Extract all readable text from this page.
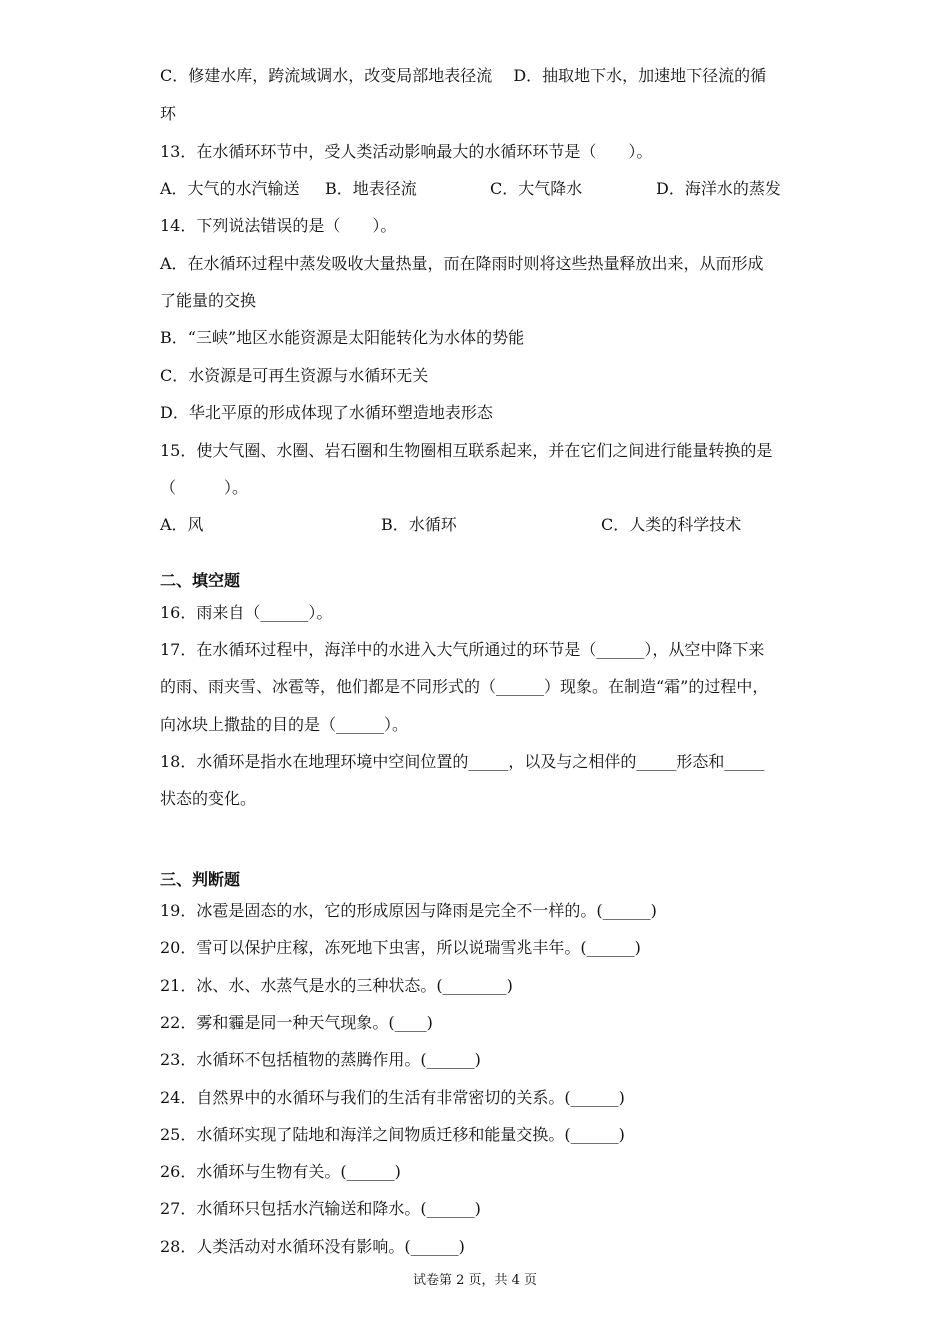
C．修建水库，跨流域调水，改变局部地表径流　 D．抽取地下水，加速地下径流的循
环
13．在水循环环节中，受人类活动影响最大的水循环环节是（　　）。
A．大气的水汽输送 B．地表径流	C．大气降水	D．海洋水的蒸发
14．下列说法错误的是（　　）。
A．在水循环过程中蒸发吸收大量热量，而在降雨时则将这些热量释放出来，从而形成
了能量的交换
B．“三峡”地区水能资源是太阳能转化为水体的势能
C．水资源是可再生资源与水循环无关
D．华北平原的形成体现了水循环塑造地表形态
15．使大气圈、水圈、岩石圈和生物圈相互联系起来，并在它们之间进行能量转换的是
（　　　）。
A．风	B．水循环	C．人类的科学技术
二、填空题
16．雨来自（______）。
17．在水循环过程中，海洋中的水进入大气所通过的环节是（______），从空中降下来
的雨、雨夹雪、冰雹等，他们都是不同形式的（______）现象。在制造“霜”的过程中，
向冰块上撒盐的目的是（______）。
18．水循环是指水在地理环境中空间位置的_____，以及与之相伴的_____形态和_____
状态的变化。
三、判断题
19．冰雹是固态的水，它的形成原因与降雨是完全不一样的。(______)
20．雪可以保护庄稼，冻死地下虫害，所以说瑞雪兆丰年。(______)
21．冰、水、水蒸气是水的三种状态。(________)
22．雾和霾是同一种天气现象。(____)
23．水循环不包括植物的蒸腾作用。(______)
24．自然界中的水循环与我们的生活有非常密切的关系。(______)
25．水循环实现了陆地和海洋之间物质迁移和能量交换。(______)
26．水循环与生物有关。(______)
27．水循环只包括水汽输送和降水。(______)
28．人类活动对水循环没有影响。(______)
试卷第 2 页，共 4 页
